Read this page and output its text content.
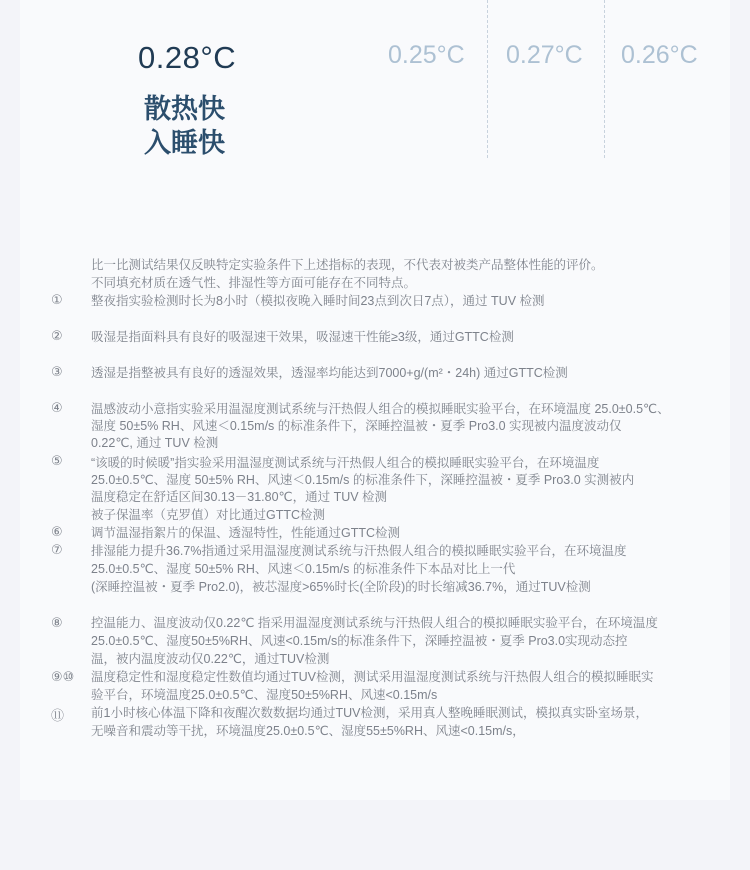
0.28°C
散热快
入睡快
0.25°C 0.27°C 0.26°C
比一比测试结果仅反映特定实验条件下上述指标的表现，不代表对被类产品整体性能的评价。
不同填充材质在透气性、排湿性等方面可能存在不同特点。
① 整夜指实验检测时长为8小时（模拟夜晚入睡时间23点到次日7点），通过 TUV 检测
② 吸湿是指面料具有良好的吸湿速干效果，吸湿速干性能≥3级，通过GTTC检测
③ 透湿是指整被具有良好的透湿效果，透湿率均能达到7000+g/(m²・24h) 通过GTTC检测
④ 温感波动小意指实验采用温湿度测试系统与汗热假人组合的模拟睡眠实验平台，在环境温度 25.0±0.5℃、
湿度 50±5% RH、风速＜0.15m/s 的标准条件下，深睡控温被・夏季 Pro3.0 实现被内温度波动仅
0.22℃, 通过 TUV 检测
⑤ “该暖的时候暖”指实验采用温湿度测试系统与汗热假人组合的模拟睡眠实验平台，在环境温度
25.0±0.5℃、湿度 50±5% RH、风速＜0.15m/s 的标准条件下，深睡控温被・夏季 Pro3.0 实测被内
温度稳定在舒适区间30.13－31.80℃，通过 TUV 检测
被子保温率（克罗值）对比通过GTTC检测
⑥ 调节温湿指絮片的保温、透湿特性，性能通过GTTC检测
⑦ 排湿能力提升36.7%指通过采用温湿度测试系统与汗热假人组合的模拟睡眠实验平台，在环境温度
25.0±0.5℃、湿度 50±5% RH、风速＜0.15m/s 的标准条件下本品对比上一代
(深睡控温被・夏季 Pro2.0)，被芯湿度>65%时长(全阶段)的时长缩减36.7%，通过TUV检测
⑧ 控温能力、温度波动仅0.22℃ 指采用温湿度测试系统与汗热假人组合的模拟睡眠实验平台，在环境温度
25.0±0.5℃、湿度50±5%RH、风速<0.15m/s的标准条件下，深睡控温被・夏季 Pro3.0实现动态控
温，被内温度波动仅0.22℃，通过TUV检测
⑨⑩ 温度稳定性和湿度稳定性数值均通过TUV检测，测试采用温湿度测试系统与汗热假人组合的模拟睡眠实
验平台，环境温度25.0±0.5℃、湿度50±5%RH、风速<0.15m/s
⑪ 前1小时核心体温下降和夜醒次数数据均通过TUV检测，采用真人整晚睡眠测试，模拟真实卧室场景，
无噪音和震动等干扰，环境温度25.0±0.5℃、湿度55±5%RH、风速<0.15m/s，
